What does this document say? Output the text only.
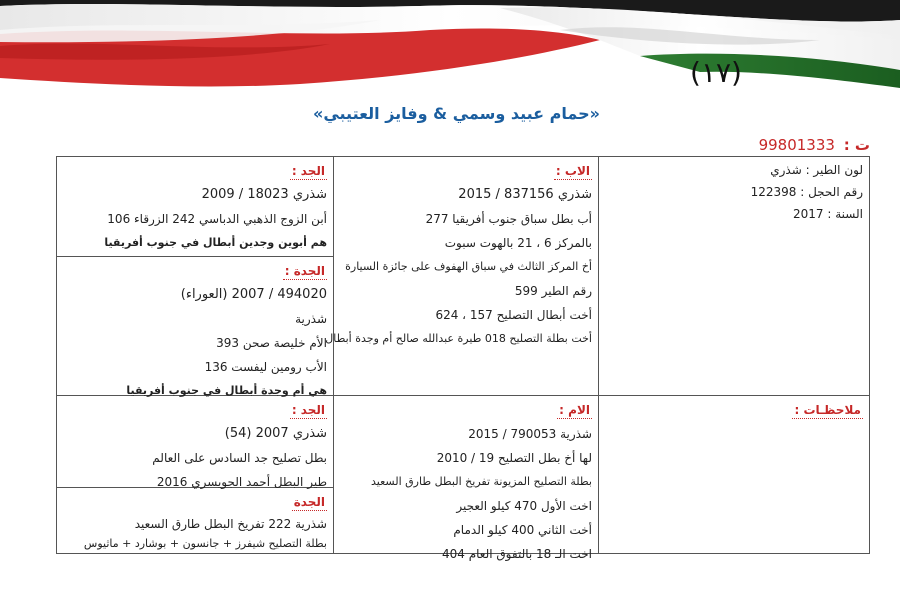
(١٧)
«حمام عبيد وسمي & وفايز العتيبي»
ت : 99801333
لون الطير : شذري
رقم الحجل : 122398
السنة : 2017
ملاحظـات :
الاب :
شذري 837156 / 2015
أب بطل سباق جنوب أفريقيا 277
بالمركز 6 ، 21 بالهوت سبوت
أخ المركز الثالث في سباق الهفوف على جائزة السيارة
رقم الطير 599
أخت أبطال التصليح 157 ، 624
أخت بطلة التصليح 018 طيرة عبدالله صالح أم وجدة أبطال
الجد :
شذري 18023 / 2009
أبن الزوج الذهبي الدباسي 242 الزرقاء 106
هم أبوين وجدين أبطال في جنوب أفريقيا
الجدة :
494020 / 2007 (العوراء)
شذرية
الأم خليصة صحن 393
الأب رومين ليفست 136
هي أم وجدة أبطال في جنوب أفريقيا
الام :
شذرية 790053 / 2015
لها أخ بطل التصليح 19 / 2010
بطلة التصليح المزيونة تفريخ البطل طارق السعيد
اخت الأول 470 كيلو العجير
أخت الثاني 400 كيلو الدمام
اخت الـ 18 بالتفوق العام 404
الجد :
شذري 2007 (54)
بطل تصليح جد السادس على العالم
طير البطل أحمد الجويسري 2016
الجدة
شذرية 222 تفريخ البطل طارق السعيد
بطلة التصليح شيفرز + جانسون + بوشارد + ماثيوس
